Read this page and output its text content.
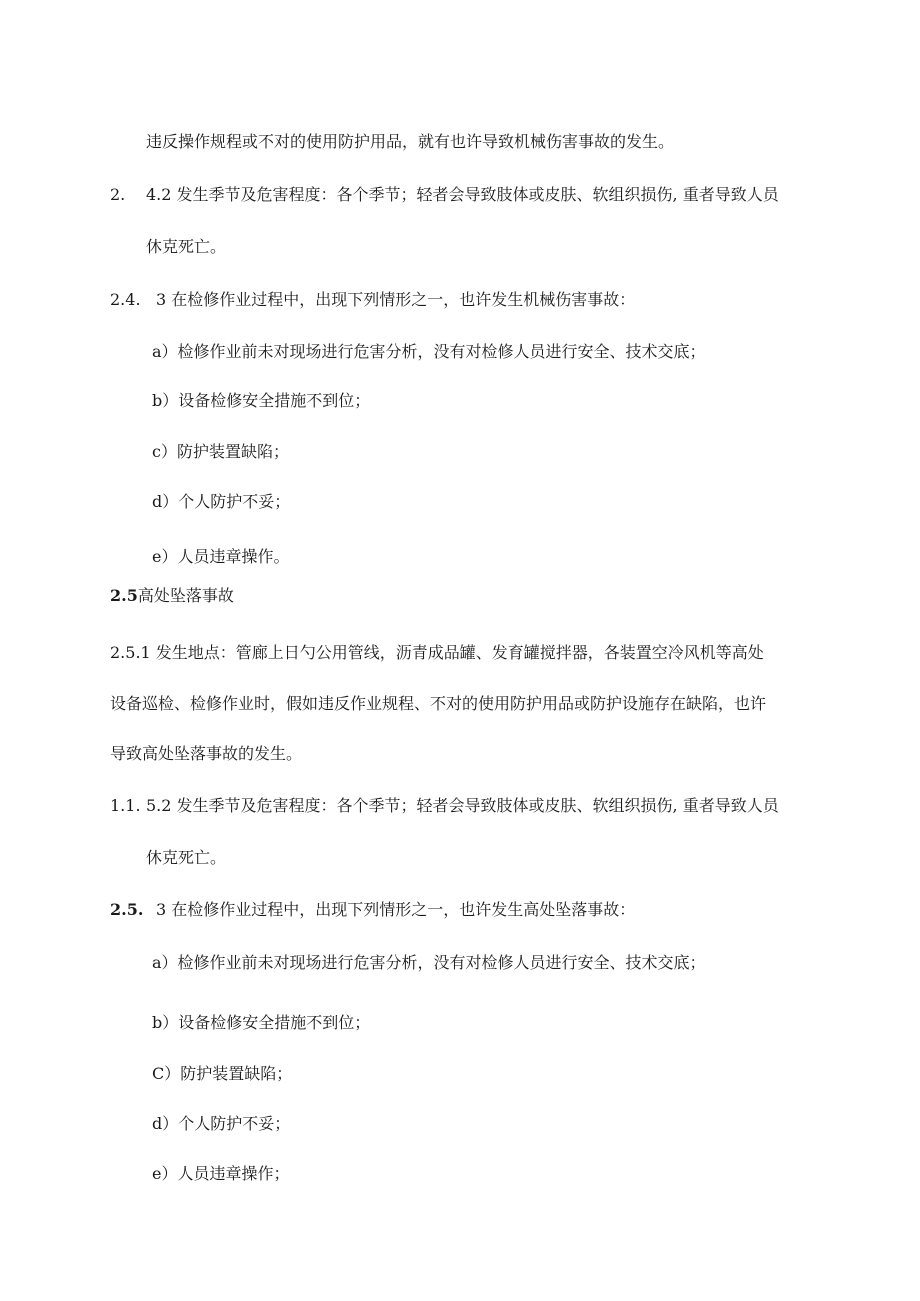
违反操作规程或不对的使用防护用品，就有也许导致机械伤害事故的发生。
2. 4.2 发生季节及危害程度：各个季节；轻者会导致肢体或皮肤、软组织损伤, 重者导致人员
休克死亡。
2.4. 3 在检修作业过程中，出现下列情形之一，也许发生机械伤害事故：
a）检修作业前未对现场进行危害分析，没有对检修人员进行安全、技术交底；
b）设备检修安全措施不到位；
c）防护装置缺陷；
d）个人防护不妥；
e）人员违章操作。
2.5高处坠落事故
2.5.1 发生地点：管廊上日勺公用管线，沥青成品罐、发育罐搅拌器，各装置空冷风机等高处
设备巡检、检修作业时，假如违反作业规程、不对的使用防护用品或防护设施存在缺陷，也许
导致高处坠落事故的发生。
1.1. 5.2 发生季节及危害程度：各个季节；轻者会导致肢体或皮肤、软组织损伤, 重者导致人员
休克死亡。
2.5. 3 在检修作业过程中，出现下列情形之一，也许发生高处坠落事故：
a）检修作业前未对现场进行危害分析，没有对检修人员进行安全、技术交底；
b）设备检修安全措施不到位；
C）防护装置缺陷；
d）个人防护不妥；
e）人员违章操作；
